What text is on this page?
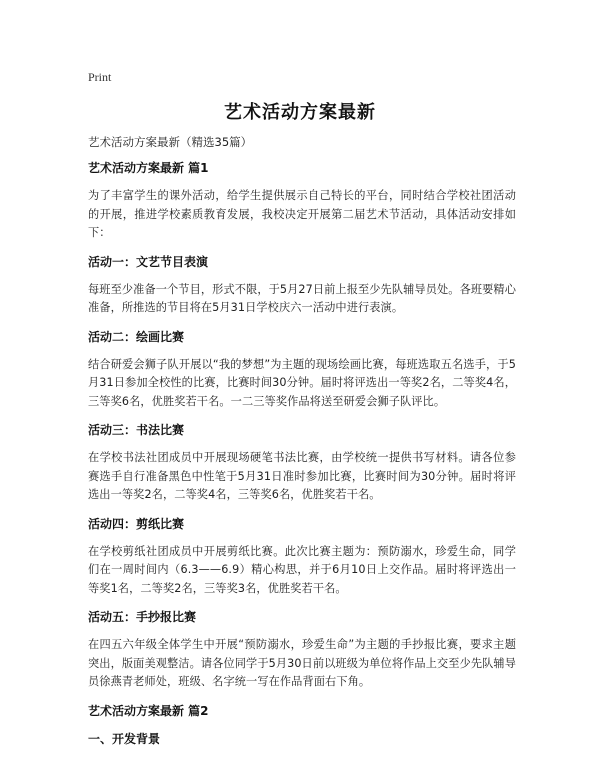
Print
艺术活动方案最新
艺术活动方案最新（精选35篇）
艺术活动方案最新 篇1
为了丰富学生的课外活动，给学生提供展示自己特长的平台，同时结合学校社团活动的开展，推进学校素质教育发展，我校决定开展第二届艺术节活动，具体活动安排如下：
活动一：文艺节目表演
每班至少准备一个节目，形式不限，于5月27日前上报至少先队辅导员处。各班要精心准备，所推选的节目将在5月31日学校庆六一活动中进行表演。
活动二：绘画比赛
结合研爱会狮子队开展以“我的梦想”为主题的现场绘画比赛，每班选取五名选手，于5月31日参加全校性的比赛，比赛时间30分钟。届时将评选出一等奖2名，二等奖4名，三等奖6名，优胜奖若干名。一二三等奖作品将送至研爱会狮子队评比。
活动三：书法比赛
在学校书法社团成员中开展现场硬笔书法比赛，由学校统一提供书写材料。请各位参赛选手自行准备黑色中性笔于5月31日准时参加比赛，比赛时间为30分钟。届时将评选出一等奖2名，二等奖4名，三等奖6名，优胜奖若干名。
活动四：剪纸比赛
在学校剪纸社团成员中开展剪纸比赛。此次比赛主题为：预防溺水，珍爱生命，同学们在一周时间内（6.3——6.9）精心构思，并于6月10日上交作品。届时将评选出一等奖1名，二等奖2名，三等奖3名，优胜奖若干名。
活动五：手抄报比赛
在四五六年级全体学生中开展“预防溺水，珍爱生命”为主题的手抄报比赛，要求主题突出，版面美观整洁。请各位同学于5月30日前以班级为单位将作品上交至少先队辅导员徐燕青老师处，班级、名字统一写在作品背面右下角。
艺术活动方案最新 篇2
一、开发背景
